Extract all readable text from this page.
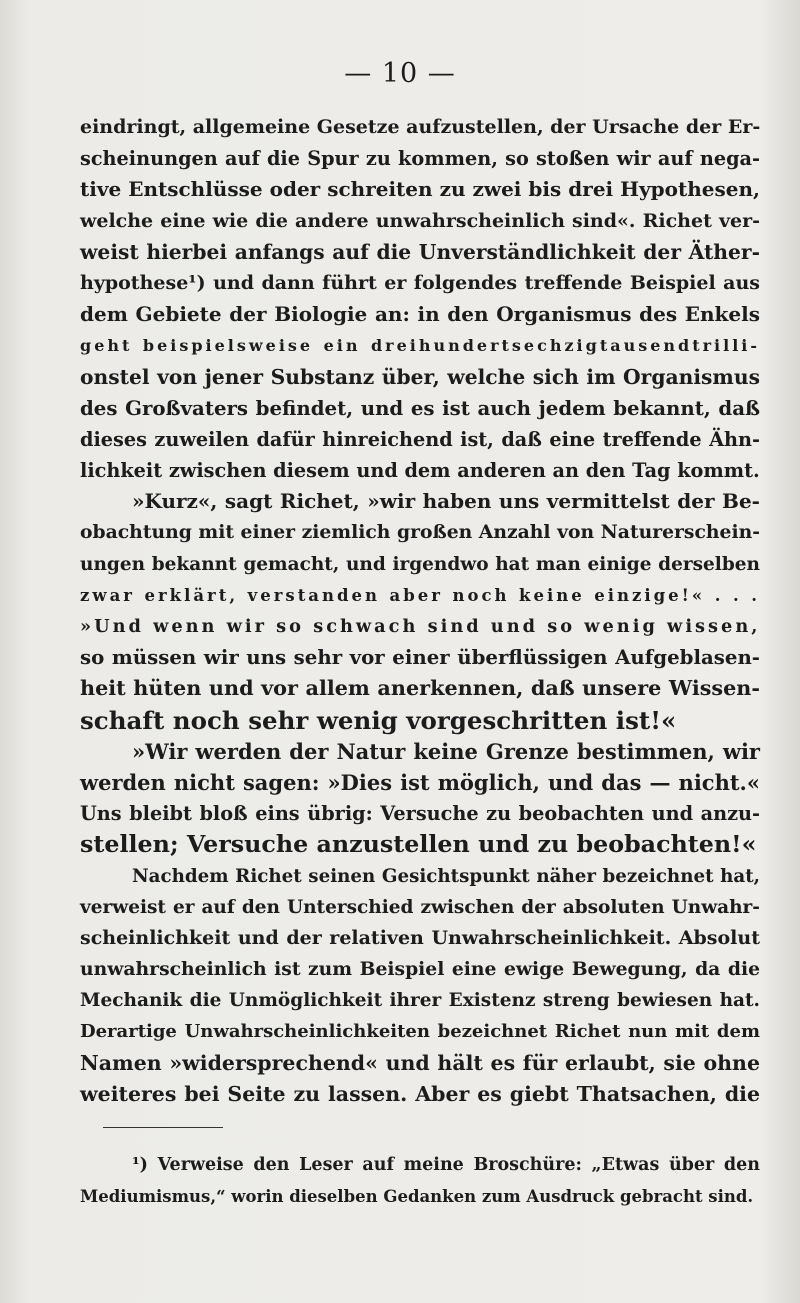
— 10 —
eindringt, allgemeine Gesetze aufzustellen, der Ursache der Er-
scheinungen auf die Spur zu kommen, so stoßen wir auf nega-
tive Entschlüsse oder schreiten zu zwei bis drei Hypothesen,
welche eine wie die andere unwahrscheinlich sind«. Richet ver-
weist hierbei anfangs auf die Unverständlichkeit der Äther-
hypothese¹) und dann führt er folgendes treffende Beispiel aus
dem Gebiete der Biologie an: in den Organismus des Enkels
geht beispielsweise ein dreihundertsechzigtausendtrilli-
onstel von jener Substanz über, welche sich im Organismus
des Großvaters befindet, und es ist auch jedem bekannt, daß
dieses zuweilen dafür hinreichend ist, daß eine treffende Ähn-
lichkeit zwischen diesem und dem anderen an den Tag kommt.
»Kurz«, sagt Richet, »wir haben uns vermittelst der Be-
obachtung mit einer ziemlich großen Anzahl von Naturerschein-
ungen bekannt gemacht, und irgendwo hat man einige derselben
zwar erklärt, verstanden aber noch keine einzige!« . . .
»Und wenn wir so schwach sind und so wenig wissen,
so müssen wir uns sehr vor einer überflüssigen Aufgeblasen-
heit hüten und vor allem anerkennen, daß unsere Wissen-
schaft noch sehr wenig vorgeschritten ist!«
»Wir werden der Natur keine Grenze bestimmen, wir
werden nicht sagen: »Dies ist möglich, und das — nicht.«
Uns bleibt bloß eins übrig: Versuche zu beobachten und anzu-
stellen; Versuche anzustellen und zu beobachten!«
Nachdem Richet seinen Gesichtspunkt näher bezeichnet hat,
verweist er auf den Unterschied zwischen der absoluten Unwahr-
scheinlichkeit und der relativen Unwahrscheinlichkeit. Absolut
unwahrscheinlich ist zum Beispiel eine ewige Bewegung, da die
Mechanik die Unmöglichkeit ihrer Existenz streng bewiesen hat.
Derartige Unwahrscheinlichkeiten bezeichnet Richet nun mit dem
Namen »widersprechend« und hält es für erlaubt, sie ohne
weiteres bei Seite zu lassen. Aber es giebt Thatsachen, die
¹) Verweise den Leser auf meine Broschüre: „Etwas über den
Mediumismus,“ worin dieselben Gedanken zum Ausdruck gebracht sind.
